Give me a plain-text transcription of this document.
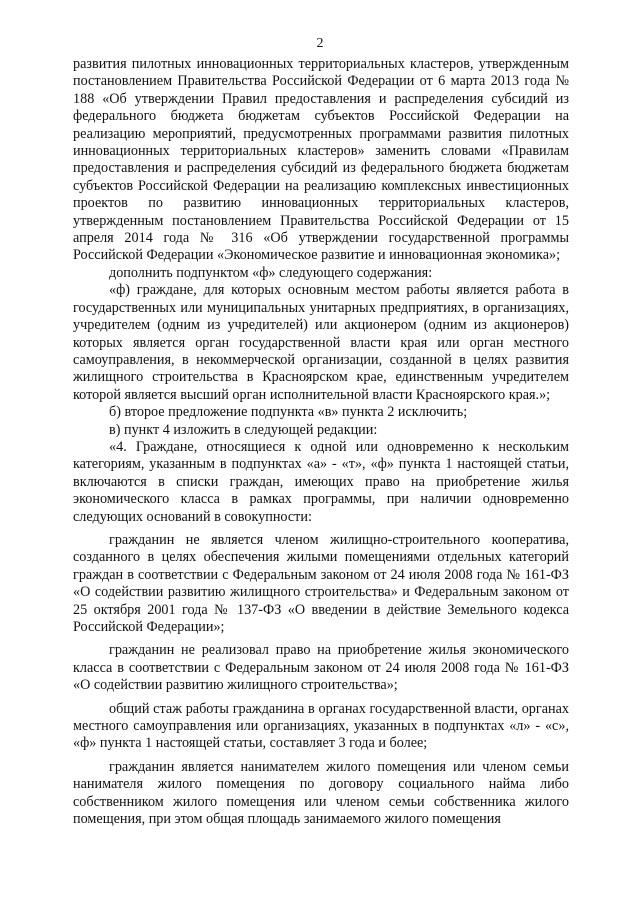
2

развития пилотных инновационных территориальных кластеров, утвержденным постановлением Правительства Российской Федерации от 6 марта 2013 года № 188 «Об утверждении Правил предоставления и распределения субсидий из федерального бюджета бюджетам субъектов Российской Федерации на реализацию мероприятий, предусмотренных программами развития пилотных инновационных территориальных кластеров» заменить словами «Правилам предоставления и распределения субсидий из федерального бюджета бюджетам субъектов Российской Федерации на реализацию комплексных инвестиционных проектов по развитию инновационных территориальных кластеров, утвержденным постановлением Правительства Российской Федерации от 15 апреля 2014 года № 316 «Об утверждении государственной программы Российской Федерации «Экономическое развитие и инновационная экономика»;

дополнить подпунктом «ф» следующего содержания:

«ф) граждане, для которых основным местом работы является работа в государственных или муниципальных унитарных предприятиях, в организациях, учредителем (одним из учредителей) или акционером (одним из акционеров) которых является орган государственной власти края или орган местного самоуправления, в некоммерческой организации, созданной в целях развития жилищного строительства в Красноярском крае, единственным учредителем которой является высший орган исполнительной власти Красноярского края.»;

б) второе предложение подпункта «в» пункта 2 исключить;

в) пункт 4 изложить в следующей редакции:

«4. Граждане, относящиеся к одной или одновременно к нескольким категориям, указанным в подпунктах «а» - «т», «ф» пункта 1 настоящей статьи, включаются в списки граждан, имеющих право на приобретение жилья экономического класса в рамках программы, при наличии одновременно следующих оснований в совокупности:

гражданин не является членом жилищно-строительного кооператива, созданного в целях обеспечения жилыми помещениями отдельных категорий граждан в соответствии с Федеральным законом от 24 июля 2008 года № 161-ФЗ «О содействии развитию жилищного строительства» и Федеральным законом от 25 октября 2001 года № 137-ФЗ «О введении в действие Земельного кодекса Российской Федерации»;

гражданин не реализовал право на приобретение жилья экономического класса в соответствии с Федеральным законом от 24 июля 2008 года № 161-ФЗ «О содействии развитию жилищного строительства»;

общий стаж работы гражданина в органах государственной власти, органах местного самоуправления или организациях, указанных в подпунктах «л» - «с», «ф» пункта 1 настоящей статьи, составляет 3 года и более;

гражданин является нанимателем жилого помещения или членом семьи нанимателя жилого помещения по договору социального найма либо собственником жилого помещения или членом семьи собственника жилого помещения, при этом общая площадь занимаемого жилого помещения
